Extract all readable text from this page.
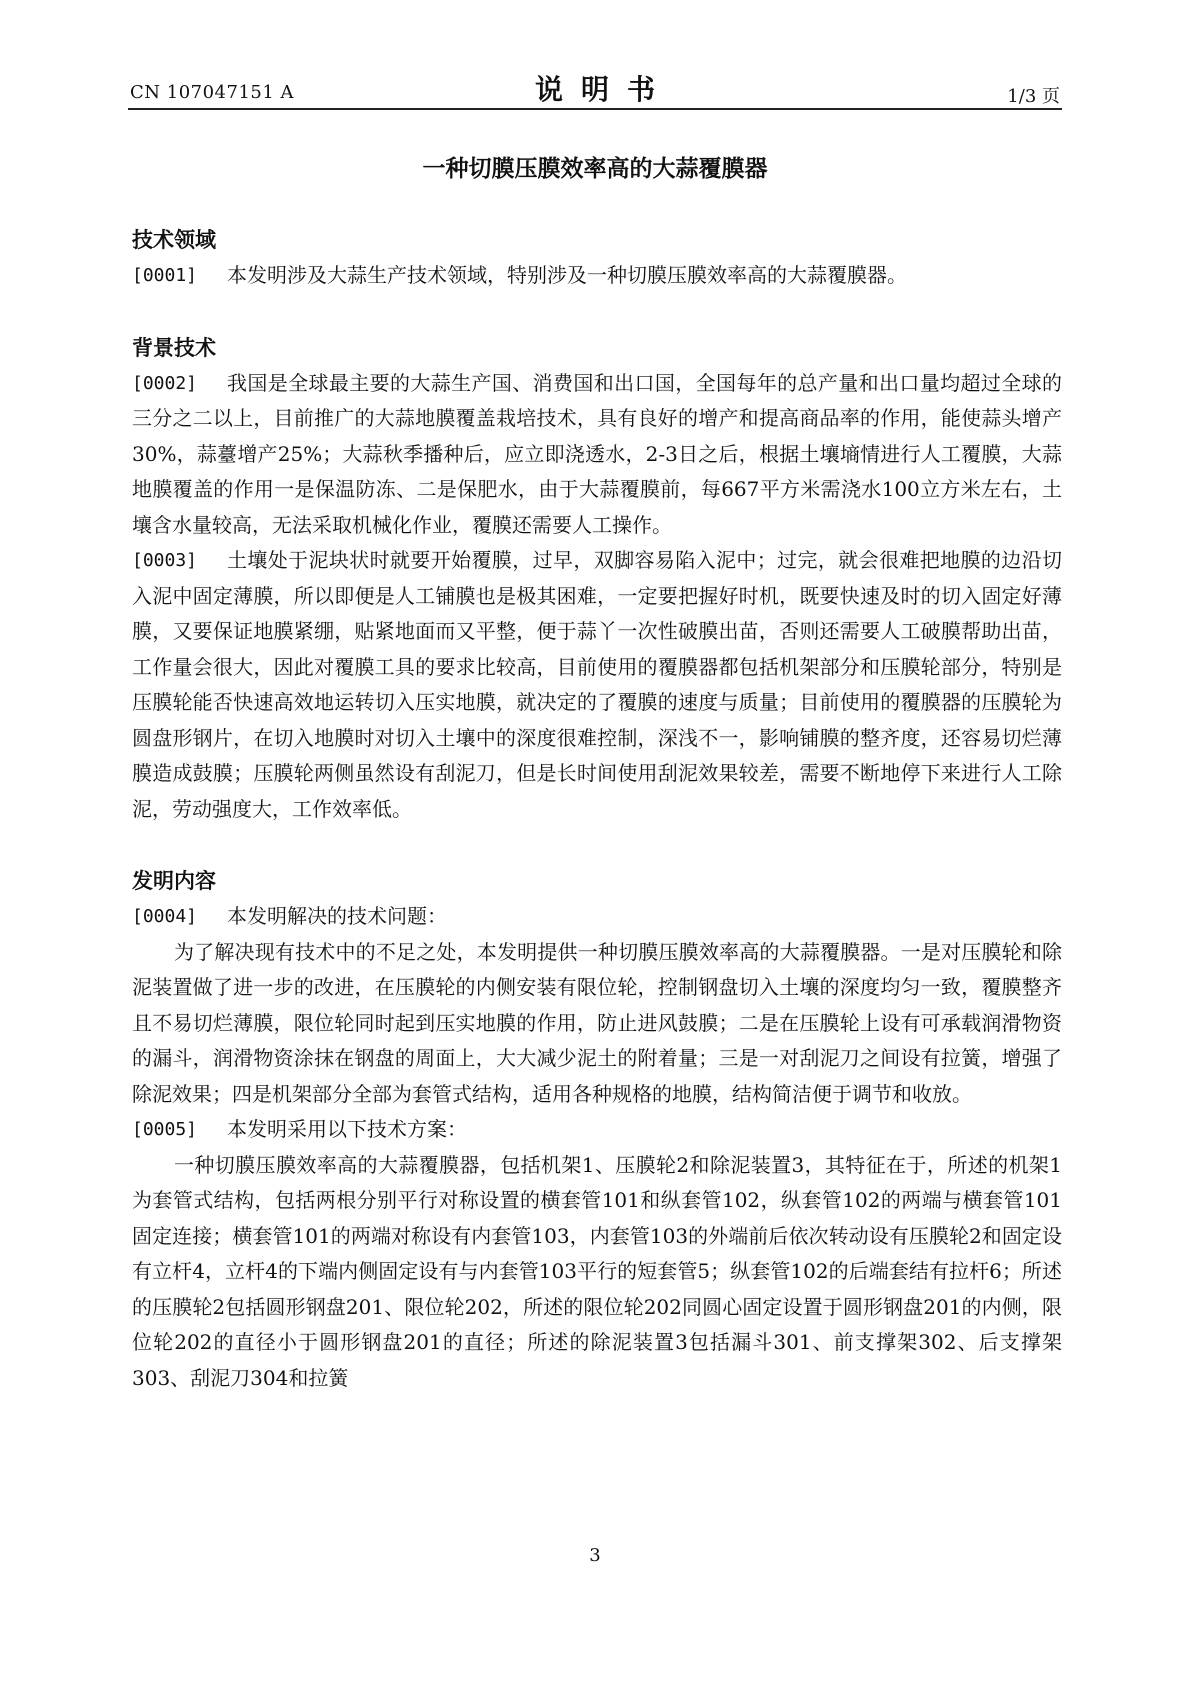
CN 107047151 A	说明书	1/3 页
一种切膜压膜效率高的大蒜覆膜器
技术领域
[0001]	本发明涉及大蒜生产技术领域，特别涉及一种切膜压膜效率高的大蒜覆膜器。
背景技术
[0002]	我国是全球最主要的大蒜生产国、消费国和出口国，全国每年的总产量和出口量均超过全球的三分之二以上，目前推广的大蒜地膜覆盖栽培技术，具有良好的增产和提高商品率的作用，能使蒜头增产30%，蒜薹增产25%；大蒜秋季播种后，应立即浇透水，2-3日之后，根据土壤墒情进行人工覆膜，大蒜地膜覆盖的作用一是保温防冻、二是保肥水，由于大蒜覆膜前，每667平方米需浇水100立方米左右，土壤含水量较高，无法采取机械化作业，覆膜还需要人工操作。
[0003]	土壤处于泥块状时就要开始覆膜，过早，双脚容易陷入泥中；过完，就会很难把地膜的边沿切入泥中固定薄膜，所以即便是人工铺膜也是极其困难，一定要把握好时机，既要快速及时的切入固定好薄膜，又要保证地膜紧绷，贴紧地面而又平整，便于蒜丫一次性破膜出苗，否则还需要人工破膜帮助出苗，工作量会很大，因此对覆膜工具的要求比较高，目前使用的覆膜器都包括机架部分和压膜轮部分，特别是压膜轮能否快速高效地运转切入压实地膜，就决定的了覆膜的速度与质量；目前使用的覆膜器的压膜轮为圆盘形钢片，在切入地膜时对切入土壤中的深度很难控制，深浅不一，影响铺膜的整齐度，还容易切烂薄膜造成鼓膜；压膜轮两侧虽然设有刮泥刀，但是长时间使用刮泥效果较差，需要不断地停下来进行人工除泥，劳动强度大，工作效率低。
发明内容
[0004]	本发明解决的技术问题：
为了解决现有技术中的不足之处，本发明提供一种切膜压膜效率高的大蒜覆膜器。一是对压膜轮和除泥装置做了进一步的改进，在压膜轮的内侧安装有限位轮，控制钢盘切入土壤的深度均匀一致，覆膜整齐且不易切烂薄膜，限位轮同时起到压实地膜的作用，防止进风鼓膜；二是在压膜轮上设有可承载润滑物资的漏斗，润滑物资涂抹在钢盘的周面上，大大减少泥土的附着量；三是一对刮泥刀之间设有拉簧，增强了除泥效果；四是机架部分全部为套管式结构，适用各种规格的地膜，结构简洁便于调节和收放。
[0005]	本发明采用以下技术方案：
一种切膜压膜效率高的大蒜覆膜器，包括机架1、压膜轮2和除泥装置3，其特征在于，所述的机架1为套管式结构，包括两根分别平行对称设置的横套管101和纵套管102，纵套管102的两端与横套管101固定连接；横套管101的两端对称设有内套管103，内套管103的外端前后依次转动设有压膜轮2和固定设有立杆4，立杆4的下端内侧固定设有与内套管103平行的短套管5；纵套管102的后端套结有拉杆6；所述的压膜轮2包括圆形钢盘201、限位轮202，所述的限位轮202同圆心固定设置于圆形钢盘201的内侧，限位轮202的直径小于圆形钢盘201的直径；所述的除泥装置3包括漏斗301、前支撑架302、后支撑架303、刮泥刀304和拉簧
3
